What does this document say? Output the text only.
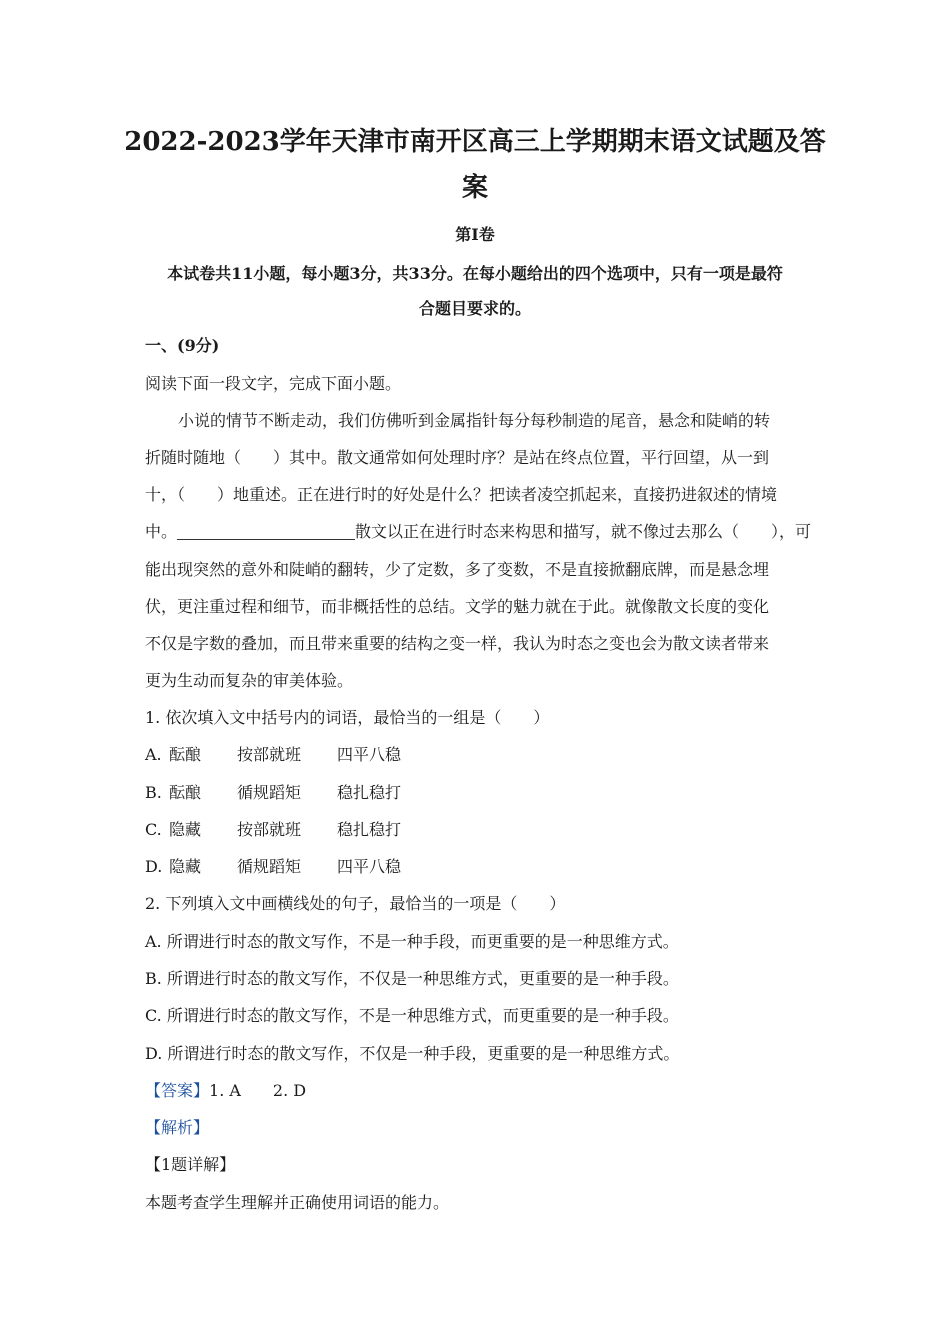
2022-2023学年天津市南开区高三上学期期末语文试题及答
案
第I卷
本试卷共11小题，每小题3分，共33分。在每小题给出的四个选项中，只有一项是最符
合题目要求的。
一、(9分)
阅读下面一段文字，完成下面小题。
小说的情节不断走动，我们仿佛听到金属指针每分每秒制造的尾音，悬念和陡峭的转
折随时随地（　　）其中。散文通常如何处理时序？是站在终点位置，平行回望，从一到
十，（　　）地重述。正在进行时的好处是什么？把读者凌空抓起来，直接扔进叙述的情境
中。	散文以正在进行时态来构思和描写，就不像过去那么（　　），可
能出现突然的意外和陡峭的翻转，少了定数，多了变数，不是直接掀翻底牌，而是悬念埋
伏，更注重过程和细节，而非概括性的总结。文学的魅力就在于此。就像散文长度的变化
不仅是字数的叠加，而且带来重要的结构之变一样，我认为时态之变也会为散文读者带来
更为生动而复杂的审美体验。
1. 依次填入文中括号内的词语，最恰当的一组是（　　）
A. 酝酿 按部就班 四平八稳
B. 酝酿 循规蹈矩 稳扎稳打
C. 隐藏 按部就班 稳扎稳打
D. 隐藏 循规蹈矩 四平八稳
2. 下列填入文中画横线处的句子，最恰当的一项是（　　）
A. 所谓进行时态的散文写作，不是一种手段，而更重要的是一种思维方式。
B. 所谓进行时态的散文写作，不仅是一种思维方式，更重要的是一种手段。
C. 所谓进行时态的散文写作，不是一种思维方式，而更重要的是一种手段。
D. 所谓进行时态的散文写作，不仅是一种手段，更重要的是一种思维方式。
【答案】1. A　　2. D
【解析】
【1题详解】
本题考查学生理解并正确使用词语的能力。
